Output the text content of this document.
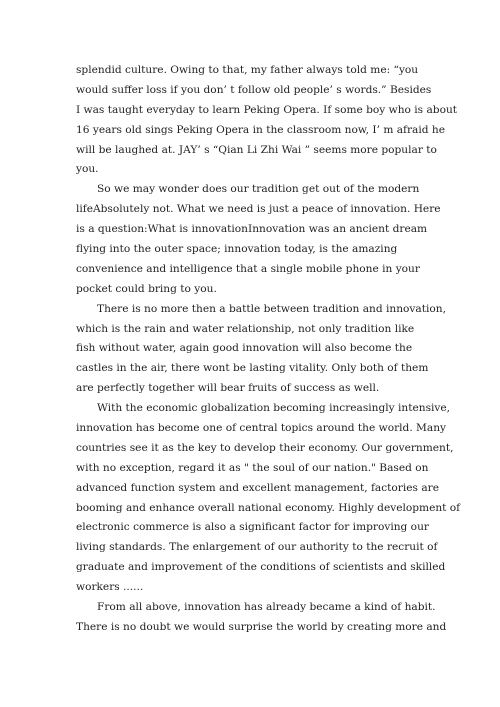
splendid culture. Owing to that, my father always told me: “you
would suffer loss if you don’ t follow old people’ s words.” Besides
I was taught everyday to learn Peking Opera. If some boy who is about
16 years old sings Peking Opera in the classroom now, I’ m afraid he
will be laughed at. JAY’ s “Qian Li Zhi Wai ” seems more popular to
you.
So we may wonder does our tradition get out of the modern
lifeAbsolutely not. What we need is just a peace of innovation. Here
is a question:What is innovationInnovation was an ancient dream
flying into the outer space; innovation today, is the amazing
convenience and intelligence that a single mobile phone in your
pocket could bring to you.
There is no more then a battle between tradition and innovation,
which is the rain and water relationship, not only tradition like
fish without water, again good innovation will also become the
castles in the air, there wont be lasting vitality. Only both of them
are perfectly together will bear fruits of success as well.
With the economic globalization becoming increasingly intensive,
innovation has become one of central topics around the world. Many
countries see it as the key to develop their economy. Our government,
with no exception, regard it as " the soul of our nation." Based on
advanced function system and excellent management, factories are
booming and enhance overall national economy. Highly development of
electronic commerce is also a significant factor for improving our
living standards. The enlargement of our authority to the recruit of
graduate and improvement of the conditions of scientists and skilled
workers ......
From all above, innovation has already became a kind of habit.
There is no doubt we would surprise the world by creating more and
